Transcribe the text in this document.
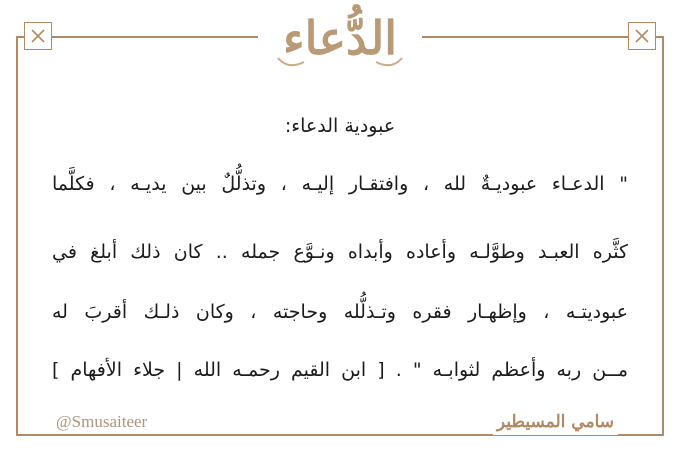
الدُّعاء
عبودية الدعاء:
" الدعـاء عبوديـةٌ لله ، وافتقـار إليـه ، وتذلُّلٌ بين يديـه ، فكلَّما
كثَّره العبـد وطوَّلـه وأعاده وأبداه ونـوَّع جمله .. كان ذلك أبلغ في
عبوديتـه ، وإظهـار فقره وتـذلُّله وحاجته ، وكان ذلـك أقربَ له
مــن ربه وأعظم لثوابـه " . [ ابن القيم رحمـه الله | جلاء الأفهام ]
@Smusaiteer	سامي المسيطير
